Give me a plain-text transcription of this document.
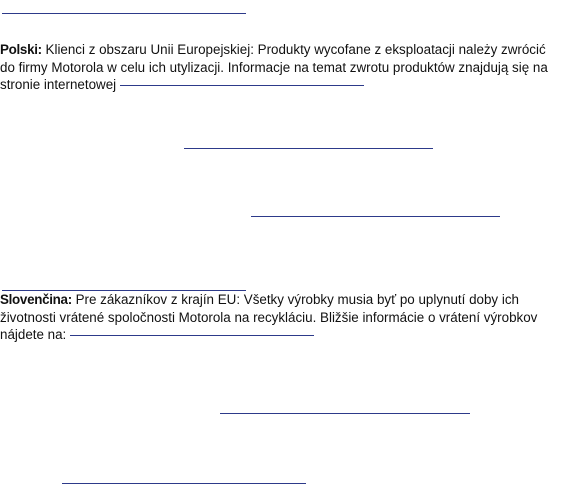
Polski: Klienci z obszaru Unii Europejskiej: Produkty wycofane z eksploatacji należy zwrócić
do firmy Motorola w celu ich utylizacji. Informacje na temat zwrotu produktów znajdują się na
stronie internetowej
Slovenčina: Pre zákazníkov z krajín EU: Všetky výrobky musia byť po uplynutí doby ich
životnosti vrátené spoločnosti Motorola na recykláciu. Bližšie informácie o vrátení výrobkov
nájdete na:
